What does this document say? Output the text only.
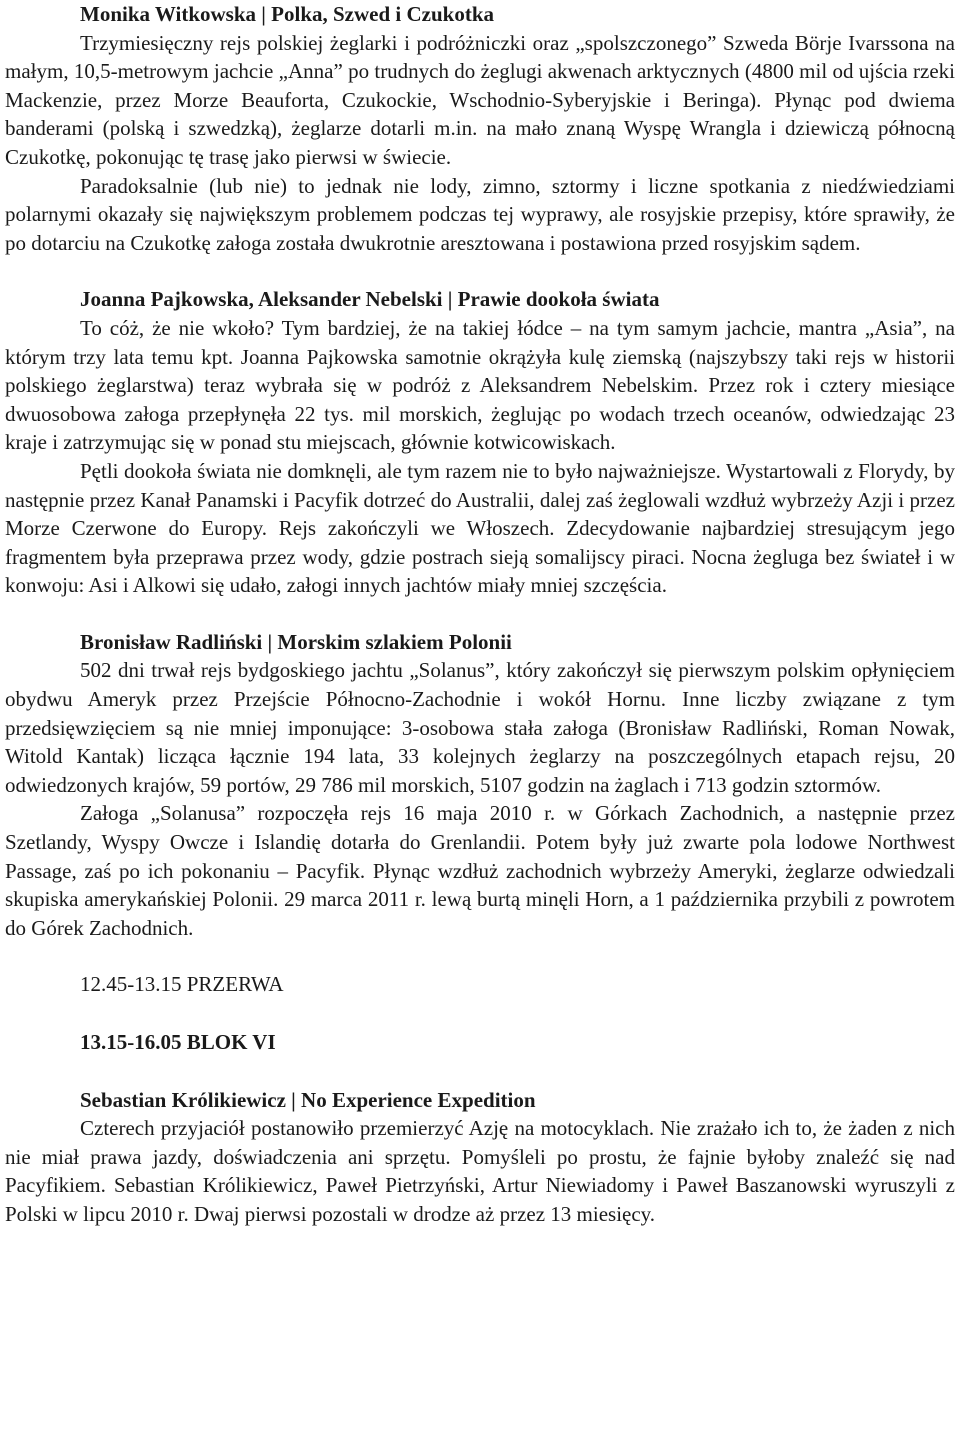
Monika Witkowska | Polka, Szwed i Czukotka

Trzymiesięczny rejs polskiej żeglarki i podróżniczki oraz „spolszczonego” Szweda Börje Ivarssona na małym, 10,5-metrowym jachcie „Anna” po trudnych do żeglugi akwenach arktycznych (4800 mil od ujścia rzeki Mackenzie, przez Morze Beauforta, Czukockie, Wschodnio-Syberyjskie i Beringa). Płynąc pod dwiema banderami (polską i szwedzką), żeglarze dotarli m.in. na mało znaną Wyspę Wrangla i dziewiczą północną Czukotkę, pokonując tę trasę jako pierwsi w świecie.

Paradoksalnie (lub nie) to jednak nie lody, zimno, sztormy i liczne spotkania z niedźwiedziami polarnymi okazały się największym problemem podczas tej wyprawy, ale rosyjskie przepisy, które sprawiły, że po dotarciu na Czukotkę załoga została dwukrotnie aresztowana i postawiona przed rosyjskim sądem.

Joanna Pajkowska, Aleksander Nebelski | Prawie dookoła świata

To cóż, że nie wkoło? Tym bardziej, że na takiej łódce – na tym samym jachcie, mantra „Asia”, na którym trzy lata temu kpt. Joanna Pajkowska samotnie okrążyła kulę ziemską (najszybszy taki rejs w historii polskiego żeglarstwa) teraz wybrała się w podróż z Aleksandrem Nebelskim. Przez rok i cztery miesiące dwuosobowa załoga przepłynęła 22 tys. mil morskich, żeglując po wodach trzech oceanów, odwiedzając 23 kraje i zatrzymując się w ponad stu miejscach, głównie kotwicowiskach.

Pętli dookoła świata nie domknęli, ale tym razem nie to było najważniejsze. Wystartowali z Florydy, by następnie przez Kanał Panamski i Pacyfik dotrzeć do Australii, dalej zaś żeglowali wzdłuż wybrzeży Azji i przez Morze Czerwone do Europy. Rejs zakończyli we Włoszech. Zdecydowanie najbardziej stresującym jego fragmentem była przeprawa przez wody, gdzie postrach sieją somalijscy piraci. Nocna żegluga bez świateł i w konwoju: Asi i Alkowi się udało, załogi innych jachtów miały mniej szczęścia.

Bronisław Radliński | Morskim szlakiem Polonii

502 dni trwał rejs bydgoskiego jachtu „Solanus”, który zakończył się pierwszym polskim opłynięciem obydwu Ameryk przez Przejście Północno-Zachodnie i wokół Hornu. Inne liczby związane z tym przedsięwzięciem są nie mniej imponujące: 3-osobowa stała załoga (Bronisław Radliński, Roman Nowak, Witold Kantak) licząca łącznie 194 lata, 33 kolejnych żeglarzy na poszczególnych etapach rejsu, 20 odwiedzonych krajów, 59 portów, 29 786 mil morskich, 5107 godzin na żaglach i 713 godzin sztormów.

Załoga „Solanusa” rozpoczęła rejs 16 maja 2010 r. w Górkach Zachodnich, a następnie przez Szetlandy, Wyspy Owcze i Islandię dotarła do Grenlandii. Potem były już zwarte pola lodowe Northwest Passage, zaś po ich pokonaniu – Pacyfik. Płynąc wzdłuż zachodnich wybrzeży Ameryki, żeglarze odwiedzali skupiska amerykańskiej Polonii. 29 marca 2011 r. lewą burtą minęli Horn, a 1 października przybili z powrotem do Górek Zachodnich.

12.45-13.15 PRZERWA

13.15-16.05 BLOK VI

Sebastian Królikiewicz | No Experience Expedition

Czterech przyjaciół postanowiło przemierzyć Azję na motocyklach. Nie zrażało ich to, że żaden z nich nie miał prawa jazdy, doświadczenia ani sprzętu. Pomyśleli po prostu, że fajnie byłoby znaleźć się nad Pacyfikiem. Sebastian Królikiewicz, Paweł Pietrzyński, Artur Niewiadomy i Paweł Baszanowski wyruszyli z Polski w lipcu 2010 r. Dwaj pierwsi pozostali w drodze aż przez 13 miesięcy.
